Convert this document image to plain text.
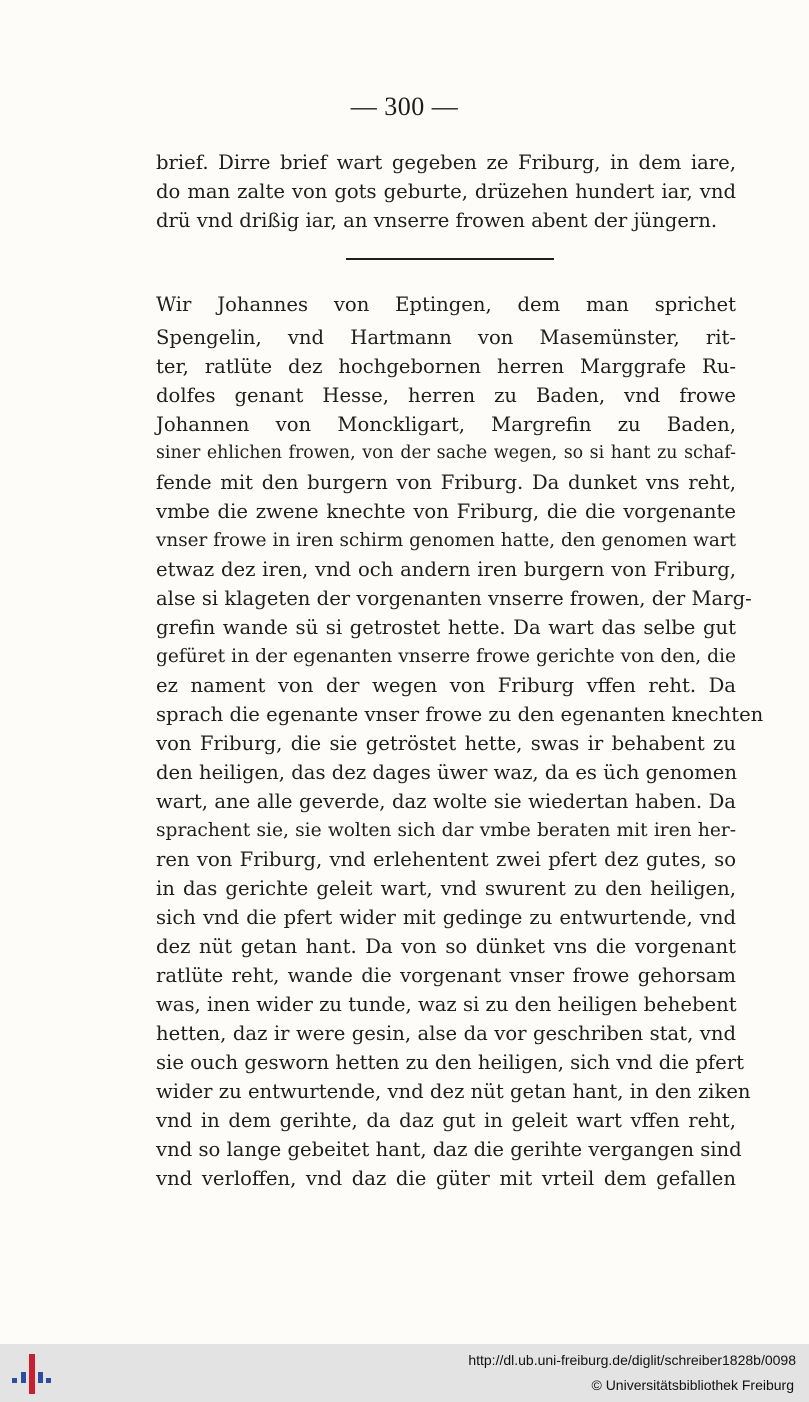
— 300 —
brief. Dirre brief wart gegeben ze Friburg, in dem iare,
do man zalte von gots geburte, drüzehen hundert iar, vnd
drü vnd drißig iar, an vnserre frowen abent der jüngern.
Wir Johannes von Eptingen, dem man sprichet
Spengelin, vnd Hartmann von Masemünster, rit-
ter, ratlüte dez hochgebornen herren Marggrafe Ru-
dolfes genant Hesse, herren zu Baden, vnd frowe
Johannen von Monckligart, Margrefin zu Baden,
siner ehlichen frowen, von der sache wegen, so si hant zu schaf-
fende mit den burgern von Friburg. Da dunket vns reht,
vmbe die zwene knechte von Friburg, die die vorgenante
vnser frowe in iren schirm genomen hatte, den genomen wart
etwaz dez iren, vnd och andern iren burgern von Friburg,
alse si klageten der vorgenanten vnserre frowen, der Marg-
grefin wande sü si getrostet hette. Da wart das selbe gut
gefüret in der egenanten vnserre frowe gerichte von den, die
ez nament von der wegen von Friburg vffen reht. Da
sprach die egenante vnser frowe zu den egenanten knechten
von Friburg, die sie getröstet hette, swas ir behabent zu
den heiligen, das dez dages üwer waz, da es üch genomen
wart, ane alle geverde, daz wolte sie wiedertan haben. Da
sprachent sie, sie wolten sich dar vmbe beraten mit iren her-
ren von Friburg, vnd erlehentent zwei pfert dez gutes, so
in das gerichte geleit wart, vnd swurent zu den heiligen,
sich vnd die pfert wider mit gedinge zu entwurtende, vnd
dez nüt getan hant. Da von so dünket vns die vorgenant
ratlüte reht, wande die vorgenant vnser frowe gehorsam
was, inen wider zu tunde, waz si zu den heiligen behebent
hetten, daz ir were gesin, alse da vor geschriben stat, vnd
sie ouch gesworn hetten zu den heiligen, sich vnd die pfert
wider zu entwurtende, vnd dez nüt getan hant, in den ziken
vnd in dem gerihte, da daz gut in geleit wart vffen reht,
vnd so lange gebeitet hant, daz die gerihte vergangen sind
vnd verloffen, vnd daz die güter mit vrteil dem gefallen
http://dl.ub.uni-freiburg.de/diglit/schreiber1828b/0098
© Universitätsbibliothek Freiburg
